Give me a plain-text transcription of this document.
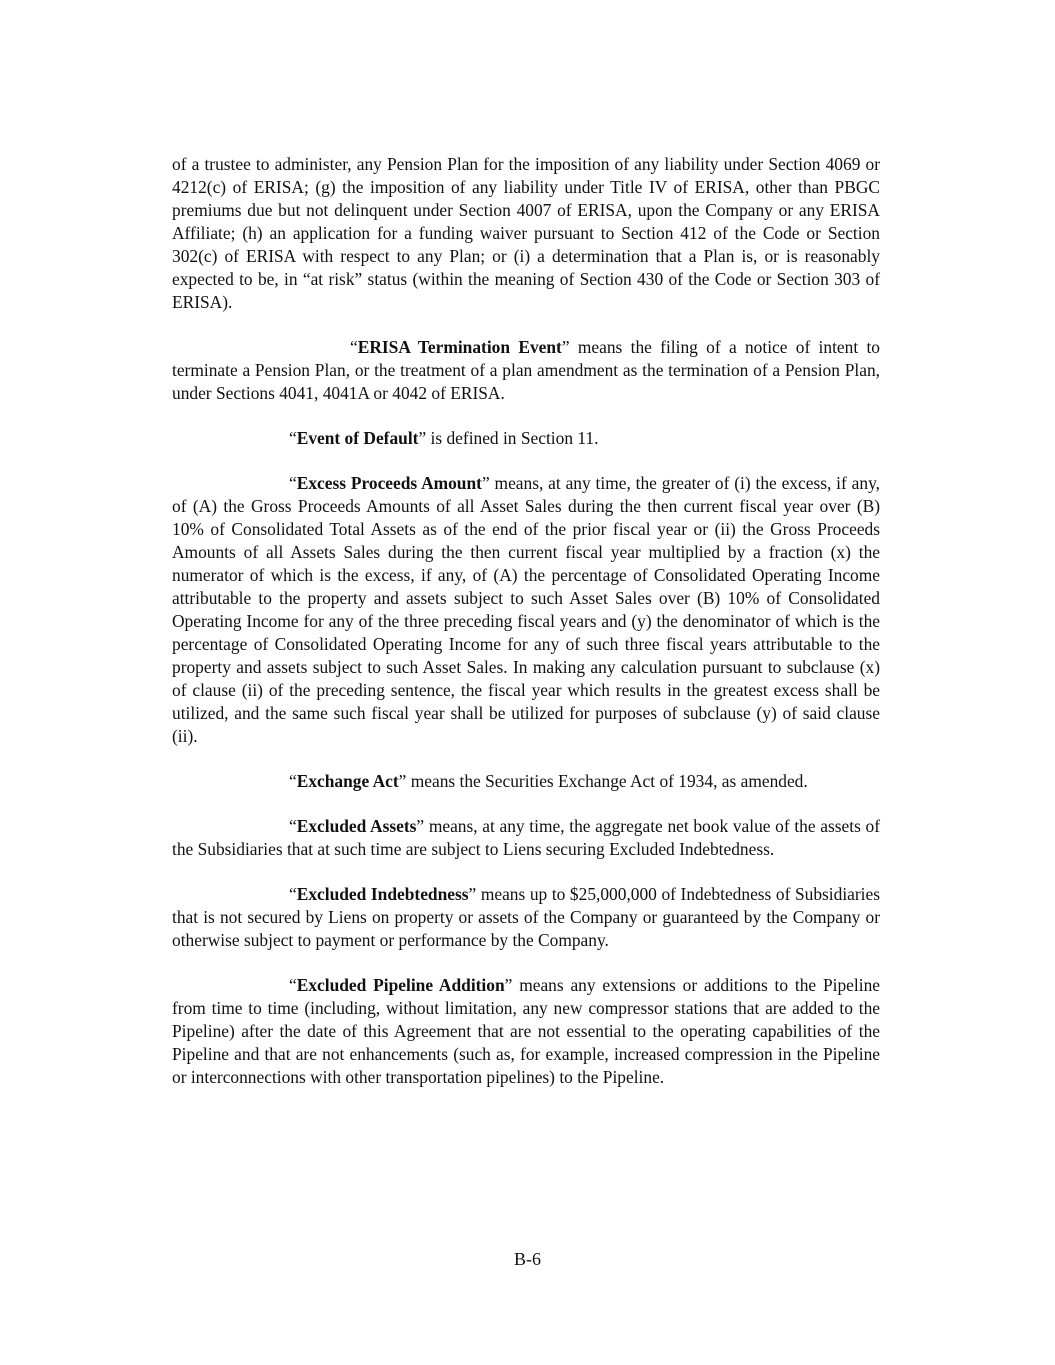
of a trustee to administer, any Pension Plan for the imposition of any liability under Section 4069 or 4212(c) of ERISA; (g) the imposition of any liability under Title IV of ERISA, other than PBGC premiums due but not delinquent under Section 4007 of ERISA, upon the Company or any ERISA Affiliate; (h) an application for a funding waiver pursuant to Section 412 of the Code or Section 302(c) of ERISA with respect to any Plan; or (i) a determination that a Plan is, or is reasonably expected to be, in “at risk” status (within the meaning of Section 430 of the Code or Section 303 of ERISA).

“ERISA Termination Event” means the filing of a notice of intent to terminate a Pension Plan, or the treatment of a plan amendment as the termination of a Pension Plan, under Sections 4041, 4041A or 4042 of ERISA.

“Event of Default” is defined in Section 11.

“Excess Proceeds Amount” means, at any time, the greater of (i) the excess, if any, of (A) the Gross Proceeds Amounts of all Asset Sales during the then current fiscal year over (B) 10% of Consolidated Total Assets as of the end of the prior fiscal year or (ii) the Gross Proceeds Amounts of all Assets Sales during the then current fiscal year multiplied by a fraction (x) the numerator of which is the excess, if any, of (A) the percentage of Consolidated Operating Income attributable to the property and assets subject to such Asset Sales over (B) 10% of Consolidated Operating Income for any of the three preceding fiscal years and (y) the denominator of which is the percentage of Consolidated Operating Income for any of such three fiscal years attributable to the property and assets subject to such Asset Sales. In making any calculation pursuant to subclause (x) of clause (ii) of the preceding sentence, the fiscal year which results in the greatest excess shall be utilized, and the same such fiscal year shall be utilized for purposes of subclause (y) of said clause (ii).

“Exchange Act” means the Securities Exchange Act of 1934, as amended.

“Excluded Assets” means, at any time, the aggregate net book value of the assets of the Subsidiaries that at such time are subject to Liens securing Excluded Indebtedness.

“Excluded Indebtedness” means up to $25,000,000 of Indebtedness of Subsidiaries that is not secured by Liens on property or assets of the Company or guaranteed by the Company or otherwise subject to payment or performance by the Company.

“Excluded Pipeline Addition” means any extensions or additions to the Pipeline from time to time (including, without limitation, any new compressor stations that are added to the Pipeline) after the date of this Agreement that are not essential to the operating capabilities of the Pipeline and that are not enhancements (such as, for example, increased compression in the Pipeline or interconnections with other transportation pipelines) to the Pipeline.

B-6
